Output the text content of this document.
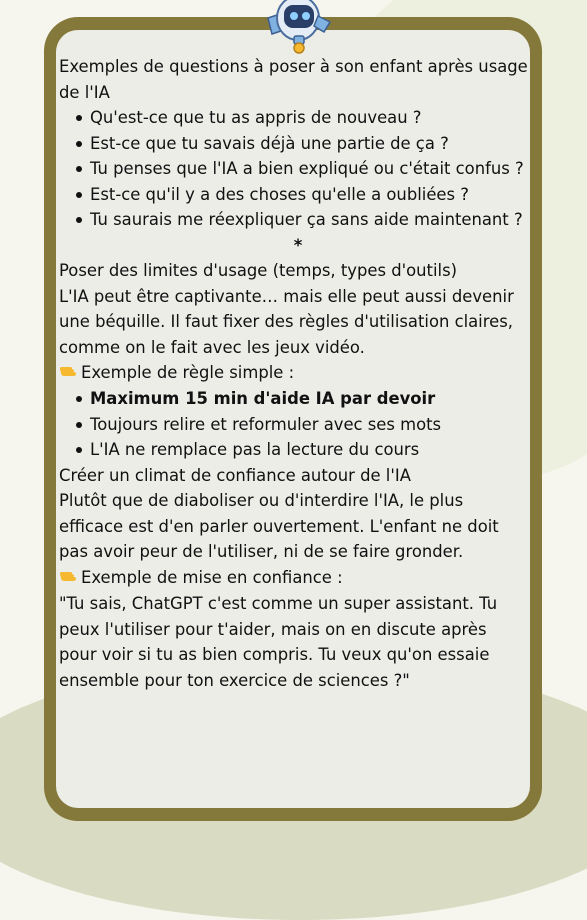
Exemples de questions à poser à son enfant après usage de l'IA

Qu'est-ce que tu as appris de nouveau ?
Est-ce que tu savais déjà une partie de ça ?
Tu penses que l'IA a bien expliqué ou c'était confus ?
Est-ce qu'il y a des choses qu'elle a oubliées ?
Tu saurais me réexpliquer ça sans aide maintenant ?

*

Poser des limites d'usage (temps, types d'outils)

L'IA peut être captivante… mais elle peut aussi devenir une béquille. Il faut fixer des règles d'utilisation claires, comme on le fait avec les jeux vidéo.

Exemple de règle simple :

Maximum 15 min d'aide IA par devoir
Toujours relire et reformuler avec ses mots
L'IA ne remplace pas la lecture du cours

Créer un climat de confiance autour de l'IA

Plutôt que de diaboliser ou d'interdire l'IA, le plus efficace est d'en parler ouvertement. L'enfant ne doit pas avoir peur de l'utiliser, ni de se faire gronder.

Exemple de mise en confiance :

"Tu sais, ChatGPT c'est comme un super assistant. Tu peux l'utiliser pour t'aider, mais on en discute après pour voir si tu as bien compris. Tu veux qu'on essaie ensemble pour ton exercice de sciences ?"
